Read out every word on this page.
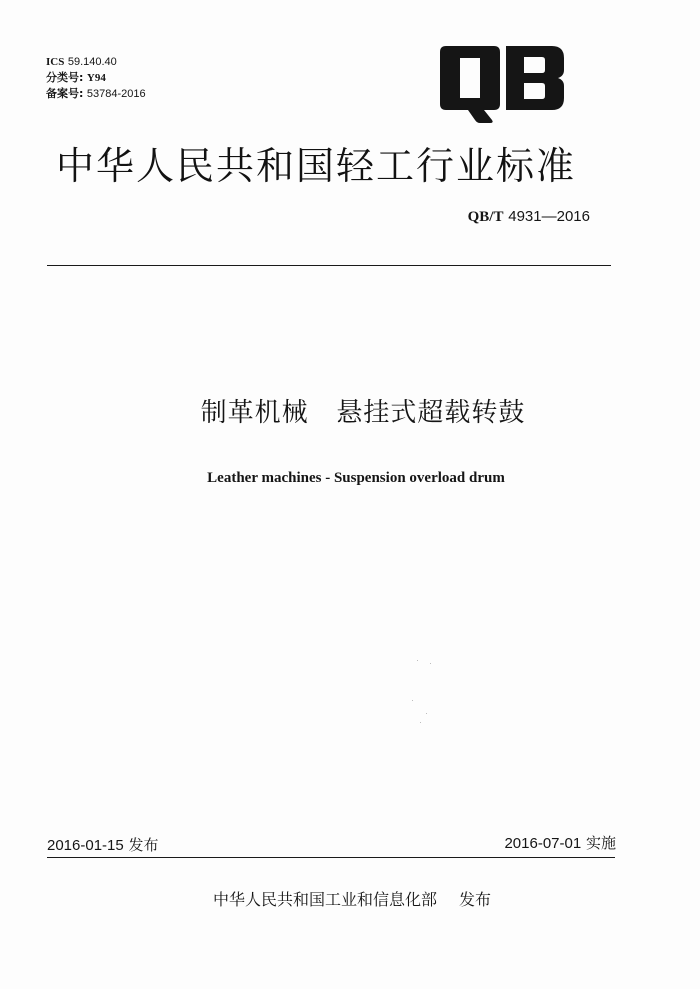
ICS 59.140.40
分类号: Y94
备案号: 53784-2016
中华人民共和国轻工行业标准
QB/T 4931—2016
制革机械 悬挂式超载转鼓
Leather machines - Suspension overload drum
2016-01-15 发布	2016-07-01 实施
中华人民共和国工业和信息化部 发布
